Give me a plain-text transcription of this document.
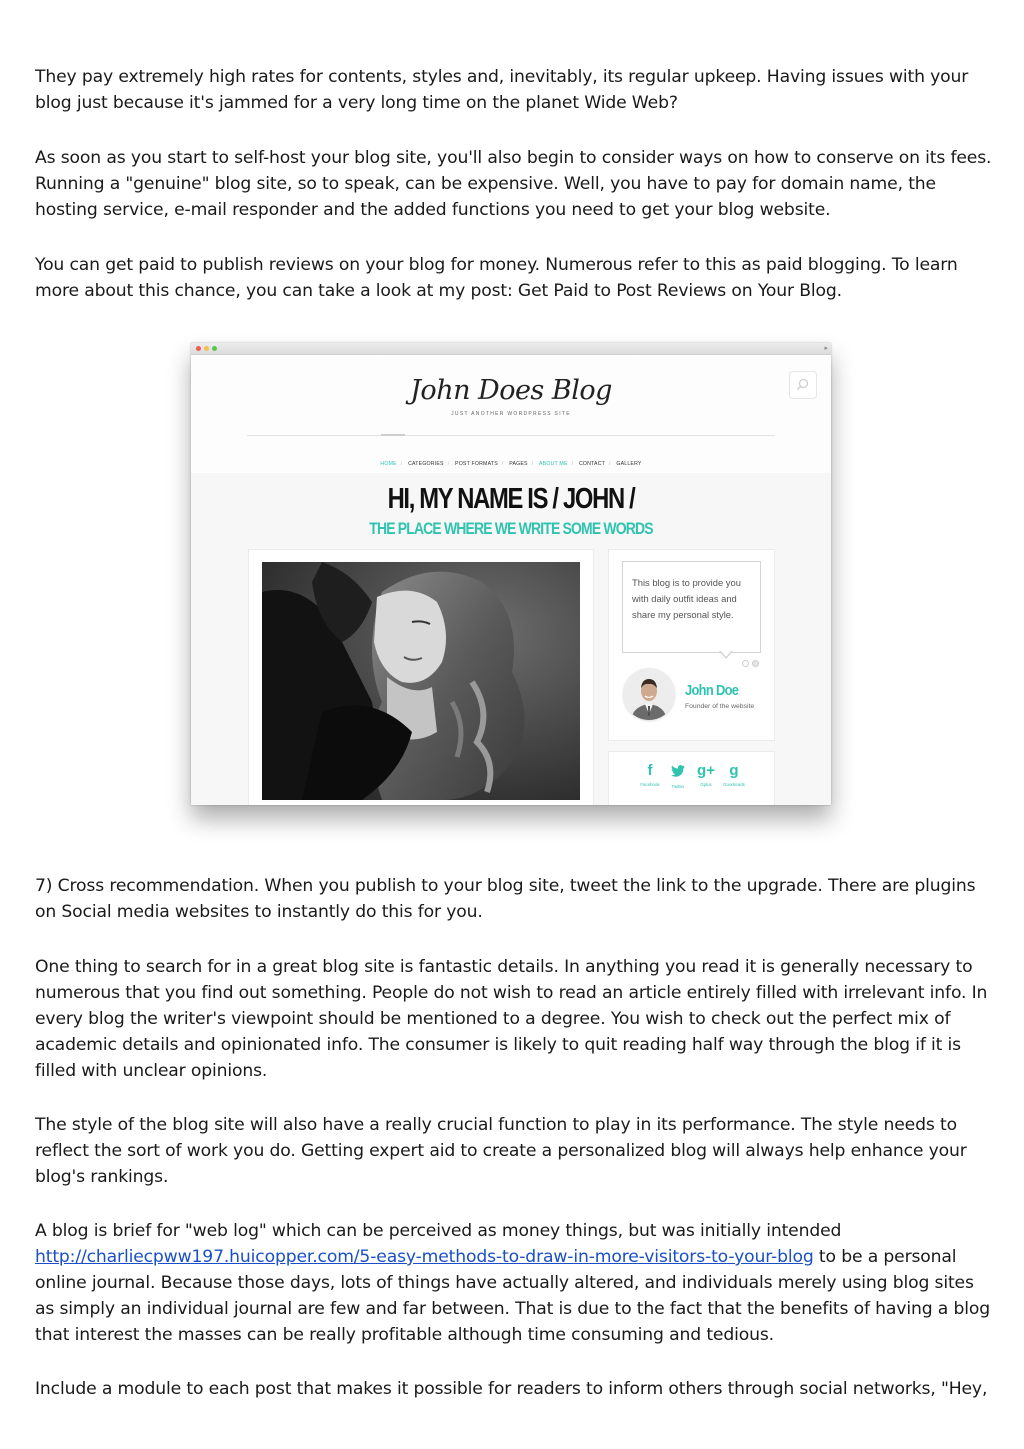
They pay extremely high rates for contents, styles and, inevitably, its regular upkeep. Having issues with your blog just because it's jammed for a very long time on the planet Wide Web?

As soon as you start to self-host your blog site, you'll also begin to consider ways on how to conserve on its fees. Running a "genuine" blog site, so to speak, can be expensive. Well, you have to pay for domain name, the hosting service, e-mail responder and the added functions you need to get your blog website.

You can get paid to publish reviews on your blog for money. Numerous refer to this as paid blogging. To learn more about this chance, you can take a look at my post: Get Paid to Post Reviews on Your Blog.

▸
John Does Blog
JUST ANOTHER WORDPRESS SITE
HOME / CATEGORIES / POST FORMATS / PAGES / ABOUT ME / CONTACT / GALLERY
HI, MY NAME IS / JOHN /
THE PLACE WHERE WE WRITE SOME WORDS
This blog is to provide you with daily outfit ideas and share my personal style.
John Doe
Founder of the website
f
Facebook	Twitter
g+
Gplus
g
Goodreads

7) Cross recommendation. When you publish to your blog site, tweet the link to the upgrade. There are plugins on Social media websites to instantly do this for you.

One thing to search for in a great blog site is fantastic details. In anything you read it is generally necessary to numerous that you find out something. People do not wish to read an article entirely filled with irrelevant info. In every blog the writer's viewpoint should be mentioned to a degree. You wish to check out the perfect mix of academic details and opinionated info. The consumer is likely to quit reading half way through the blog if it is filled with unclear opinions.

The style of the blog site will also have a really crucial function to play in its performance. The style needs to reflect the sort of work you do. Getting expert aid to create a personalized blog will always help enhance your blog's rankings.

A blog is brief for "web log" which can be perceived as money things, but was initially intended http://charliecpww197.huicopper.com/5-easy-methods-to-draw-in-more-visitors-to-your-blog to be a personal online journal. Because those days, lots of things have actually altered, and individuals merely using blog sites as simply an individual journal are few and far between. That is due to the fact that the benefits of having a blog that interest the masses can be really profitable although time consuming and tedious.

Include a module to each post that makes it possible for readers to inform others through social networks, "Hey,
